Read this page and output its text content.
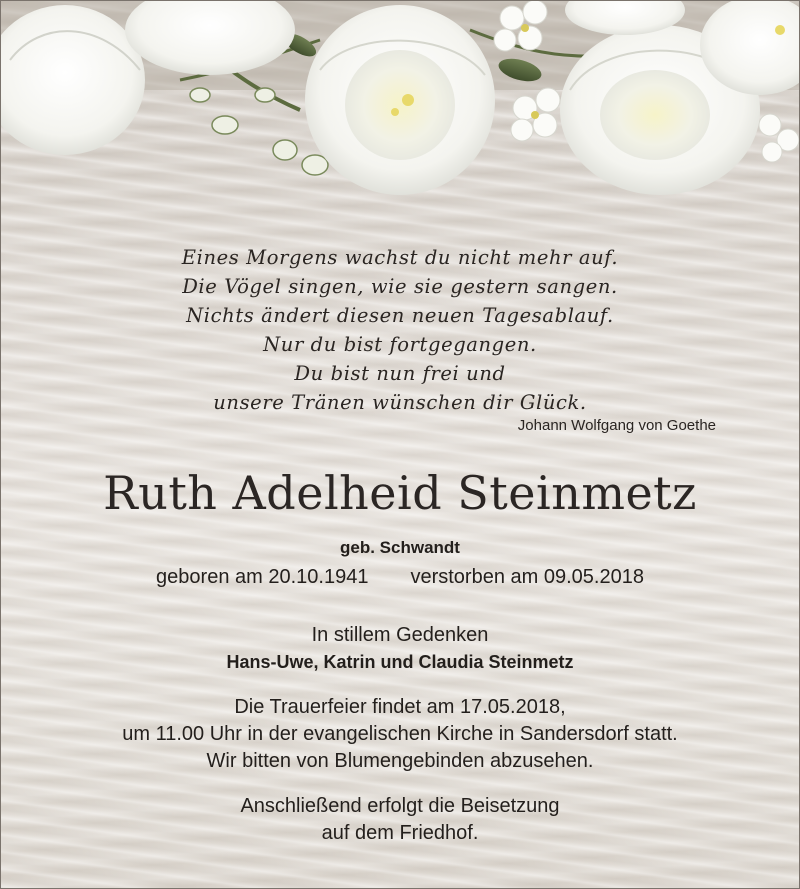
Eines Morgens wachst du nicht mehr auf.
Die Vögel singen, wie sie gestern sangen.
Nichts ändert diesen neuen Tagesablauf.
Nur du bist fortgegangen.
Du bist nun frei und
unsere Tränen wünschen dir Glück.
Johann Wolfgang von Goethe
Ruth Adelheid Steinmetz
geb. Schwandt
geboren am 20.10.1941 verstorben am 09.05.2018
In stillem Gedenken
Hans-Uwe, Katrin und Claudia Steinmetz
Die Trauerfeier findet am 17.05.2018,
um 11.00 Uhr in der evangelischen Kirche in Sandersdorf statt.
Wir bitten von Blumengebinden abzusehen.
Anschließend erfolgt die Beisetzung
auf dem Friedhof.
